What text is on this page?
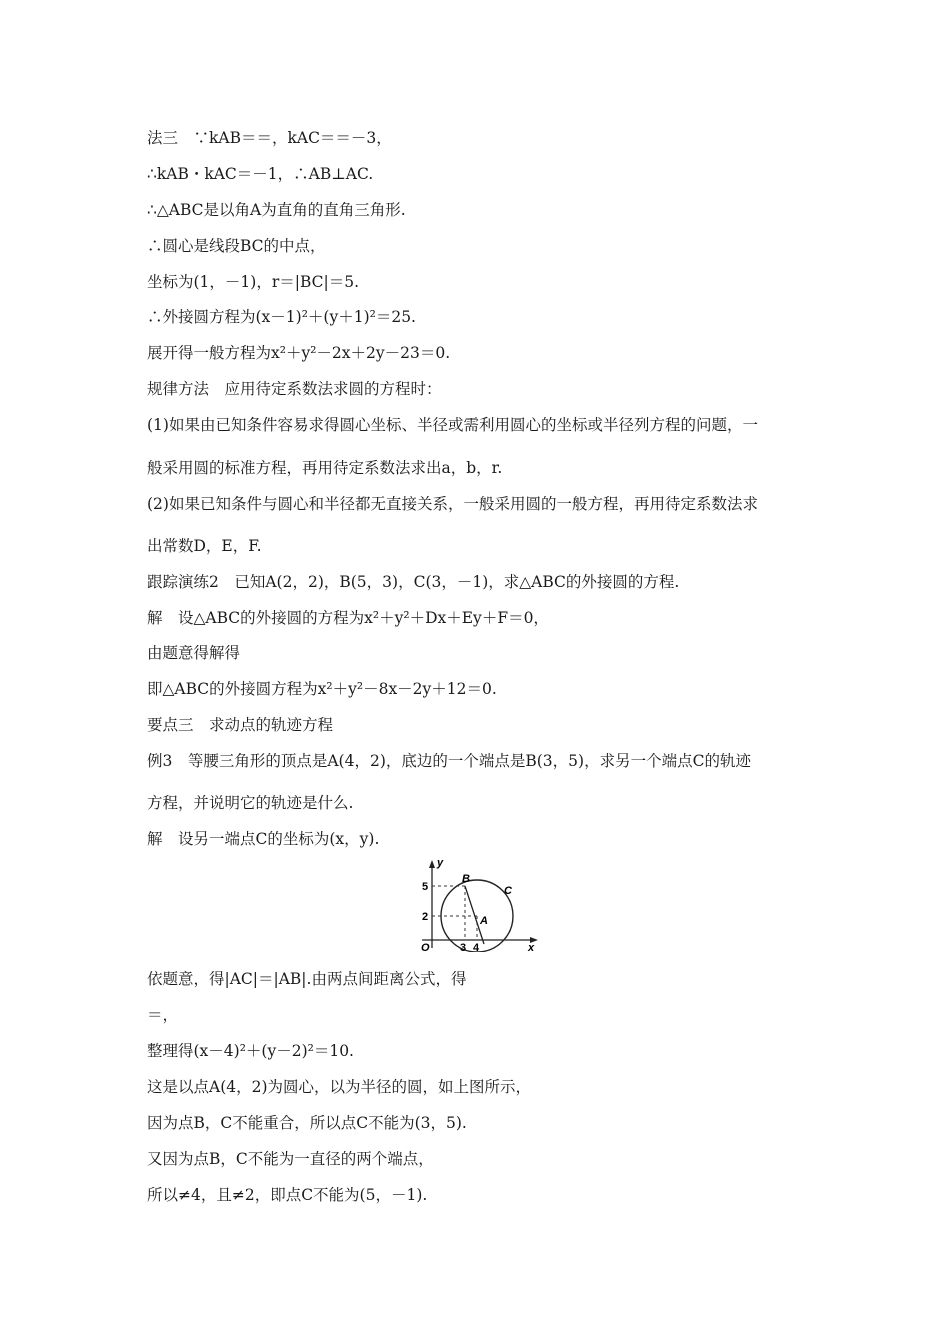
法三　∵kAB＝＝，kAC＝＝－3，
∴kAB・kAC＝－1，∴AB⊥AC.
∴△ABC是以角A为直角的直角三角形.
∴圆心是线段BC的中点，
坐标为(1，－1)，r＝|BC|＝5.
∴外接圆方程为(x－1)²＋(y＋1)²＝25.
展开得一般方程为x²＋y²－2x＋2y－23＝0.
规律方法　应用待定系数法求圆的方程时：
(1)如果由已知条件容易求得圆心坐标、半径或需利用圆心的坐标或半径列方程的问题，一
般采用圆的标准方程，再用待定系数法求出a，b，r.
(2)如果已知条件与圆心和半径都无直接关系，一般采用圆的一般方程，再用待定系数法求
出常数D，E，F.
跟踪演练2　已知A(2，2)，B(5，3)，C(3，－1)，求△ABC的外接圆的方程.
解　设△ABC的外接圆的方程为x²＋y²＋Dx＋Ey＋F＝0，
由题意得解得
即△ABC的外接圆方程为x²＋y²－8x－2y＋12＝0.
要点三　求动点的轨迹方程
例3　等腰三角形的顶点是A(4，2)，底边的一个端点是B(3，5)，求另一个端点C的轨迹
方程，并说明它的轨迹是什么.
解　设另一端点C的坐标为(x，y).
y
x
O
5
2
3 4
B
A
C
依题意，得|AC|＝|AB|.由两点间距离公式，得
＝，
整理得(x－4)²＋(y－2)²＝10.
这是以点A(4，2)为圆心，以为半径的圆，如上图所示，
因为点B，C不能重合，所以点C不能为(3，5).
又因为点B，C不能为一直径的两个端点，
所以≠4，且≠2，即点C不能为(5，－1).
